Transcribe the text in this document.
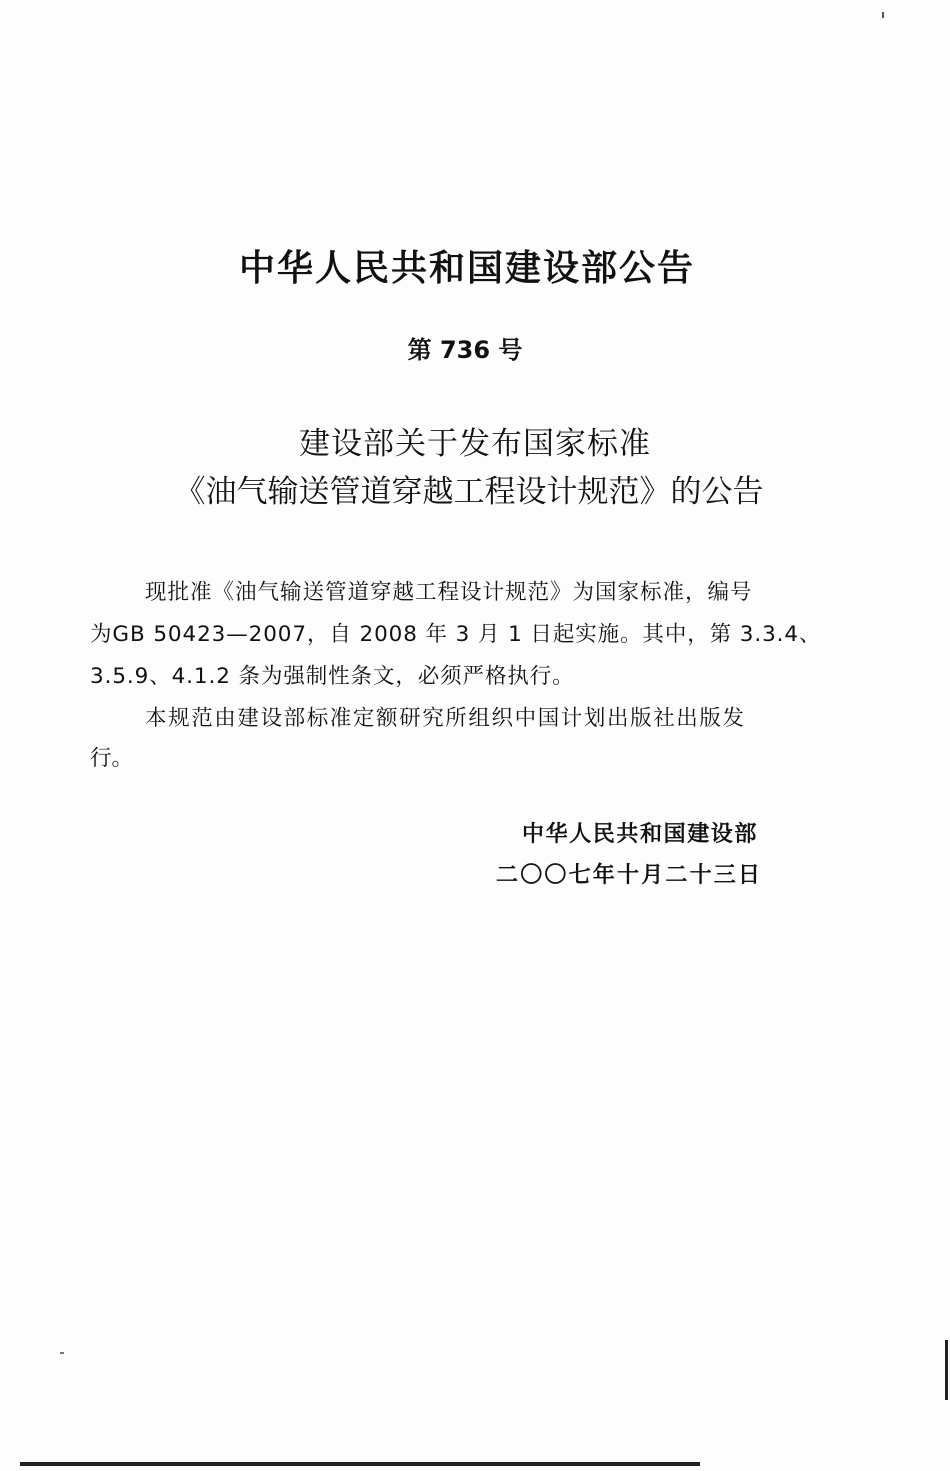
中华人民共和国建设部公告
第 736 号
建设部关于发布国家标准
《油气输送管道穿越工程设计规范》的公告
现批准《油气输送管道穿越工程设计规范》为国家标准，编号
为GB 50423—2007，自 2008 年 3 月 1 日起实施。其中，第 3.3.4、
3.5.9、4.1.2 条为强制性条文，必须严格执行。
本规范由建设部标准定额研究所组织中国计划出版社出版发
行。
中华人民共和国建设部
二〇〇七年十月二十三日
